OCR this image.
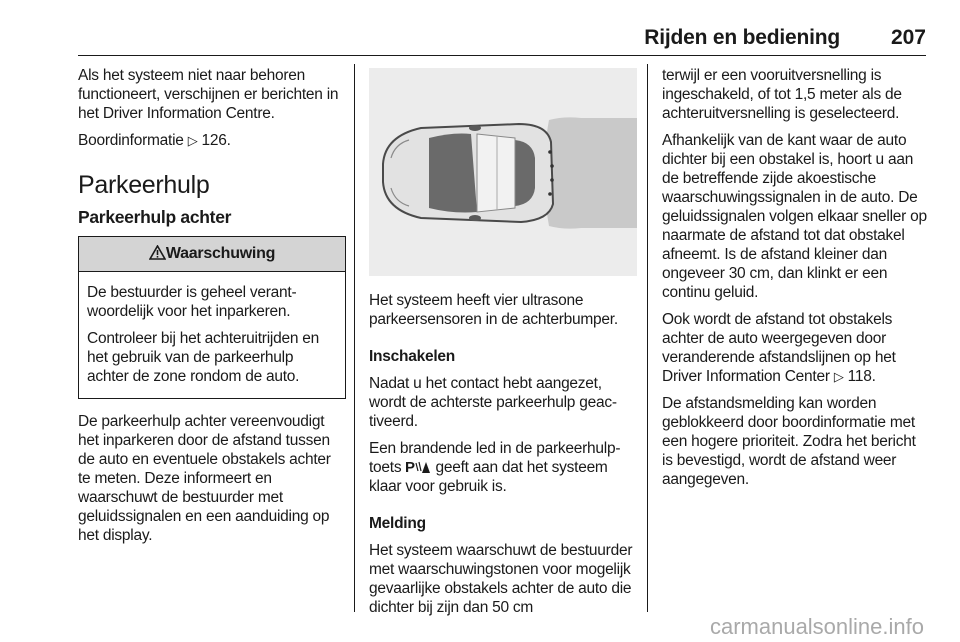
Rijden en bediening 207

Als het systeem niet naar behoren functioneert, verschijnen er berichten in het Driver Information Centre.

Boordinformatie ▷ 126.

Parkeerhulp
Parkeerhulp achter
Waarschuwing

De bestuurder is geheel verantwoordelijk voor het inparkeren.

Controleer bij het achteruitrijden en het gebruik van de parkeerhulp achter de zone rondom de auto.

De parkeerhulp achter vereenvoudigt het inparkeren door de afstand tussen de auto en eventuele obstakels achter te meten. Deze informeert en waarschuwt de bestuurder met geluidssignalen en een aanduiding op het display.

Het systeem heeft vier ultrasone parkeersensoren in de achterbumper.

Inschakelen

Nadat u het contact hebt aangezet, wordt de achterste parkeerhulp geactiveerd.

Een brandende led in de parkeerhulptoets P geeft aan dat het systeem klaar voor gebruik is.

Melding

Het systeem waarschuwt de bestuurder met waarschuwingstonen voor mogelijk gevaarlijke obstakels achter de auto die dichter bij zijn dan 50 cm

terwijl er een vooruitversnelling is ingeschakeld, of tot 1,5 meter als de achteruitversnelling is geselecteerd.

Afhankelijk van de kant waar de auto dichter bij een obstakel is, hoort u aan de betreffende zijde akoestische waarschuwingssignalen in de auto. De geluidssignalen volgen elkaar sneller op naarmate de afstand tot dat obstakel afneemt. Is de afstand kleiner dan ongeveer 30 cm, dan klinkt er een continu geluid.

Ook wordt de afstand tot obstakels achter de auto weergegeven door veranderende afstandslijnen op het Driver Information Center ▷ 118.

De afstandsmelding kan worden geblokkeerd door boordinformatie met een hogere prioriteit. Zodra het bericht is bevestigd, wordt de afstand weer aangegeven.

carmanualsonline.info
